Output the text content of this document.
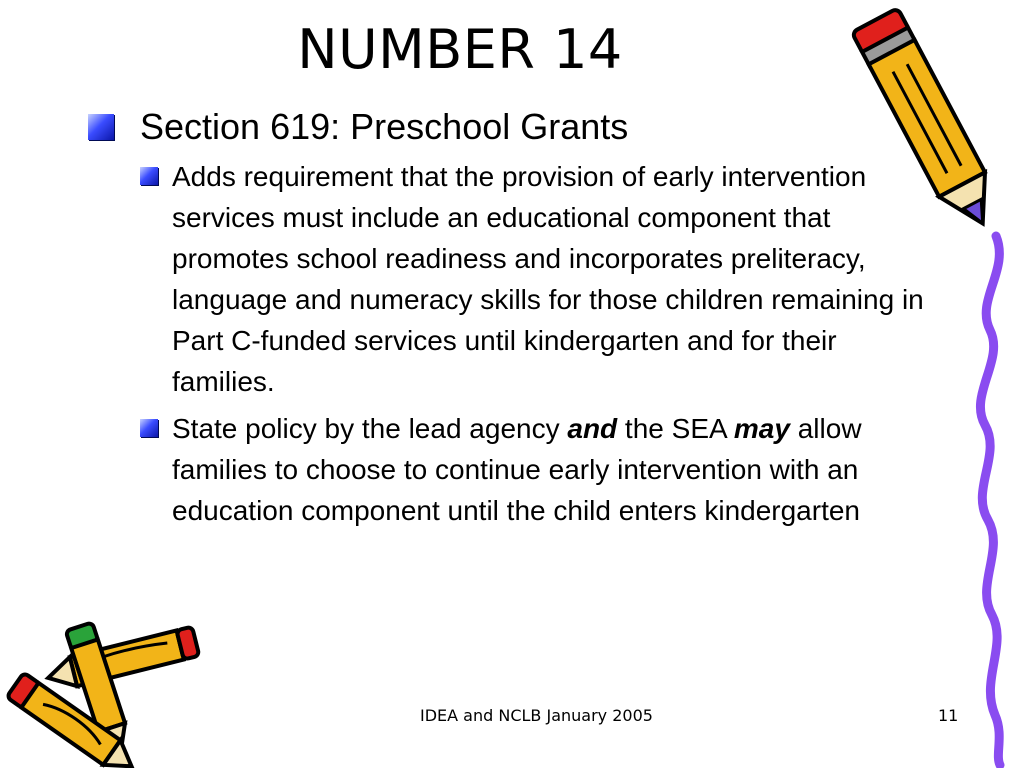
NUMBER 14
Section 619: Preschool Grants
Adds requirement that the provision of early intervention services must include an educational component that promotes school readiness and incorporates preliteracy, language and numeracy skills for those children remaining in Part C-funded services until kindergarten and for their families.
State policy by the lead agency and the SEA may allow families to choose to continue early intervention with an education component until the child enters kindergarten
IDEA and NCLB January 2005	11
